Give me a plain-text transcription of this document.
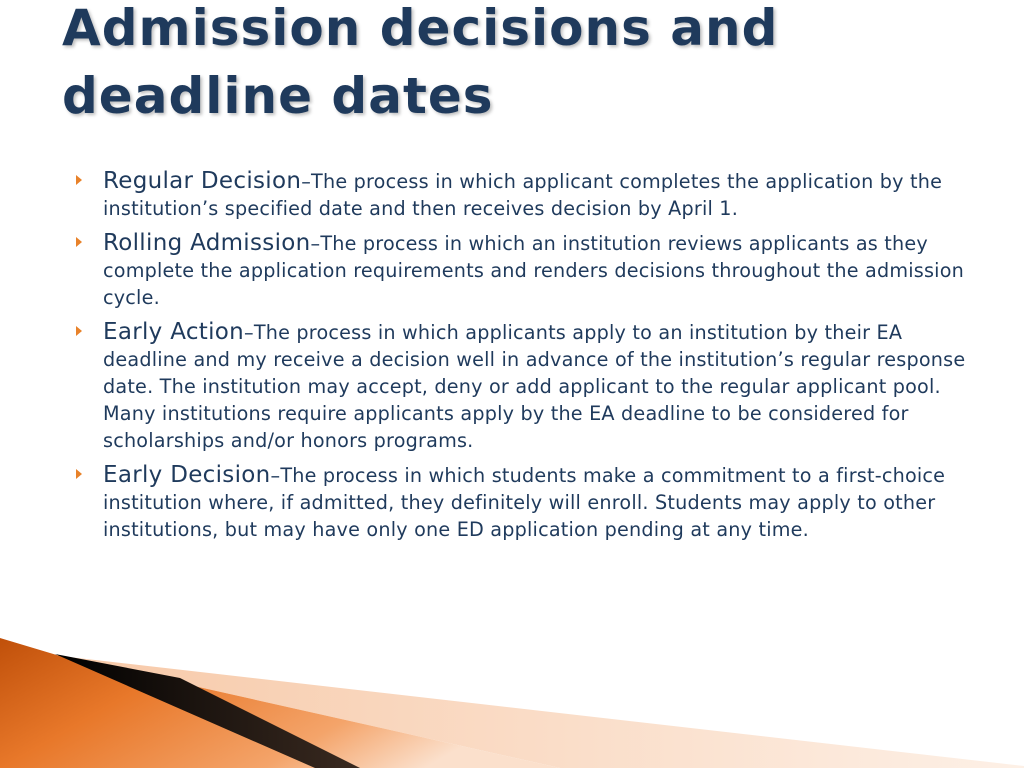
Admission decisions and
deadline dates
Regular Decision–The process in which applicant completes the application by the institution’s specified date and then receives decision by April 1.
Rolling Admission–The process in which an institution reviews applicants as they complete the application requirements and renders decisions throughout the admission cycle.
Early Action–The process in which applicants apply to an institution by their EA deadline and my receive a decision well in advance of the institution’s regular response date. The institution may accept, deny or add applicant to the regular applicant pool. Many institutions require applicants apply by the EA deadline to be considered for scholarships and/or honors programs.
Early Decision–The process in which students make a commitment to a first-choice institution where, if admitted, they definitely will enroll. Students may apply to other institutions, but may have only one ED application pending at any time.
